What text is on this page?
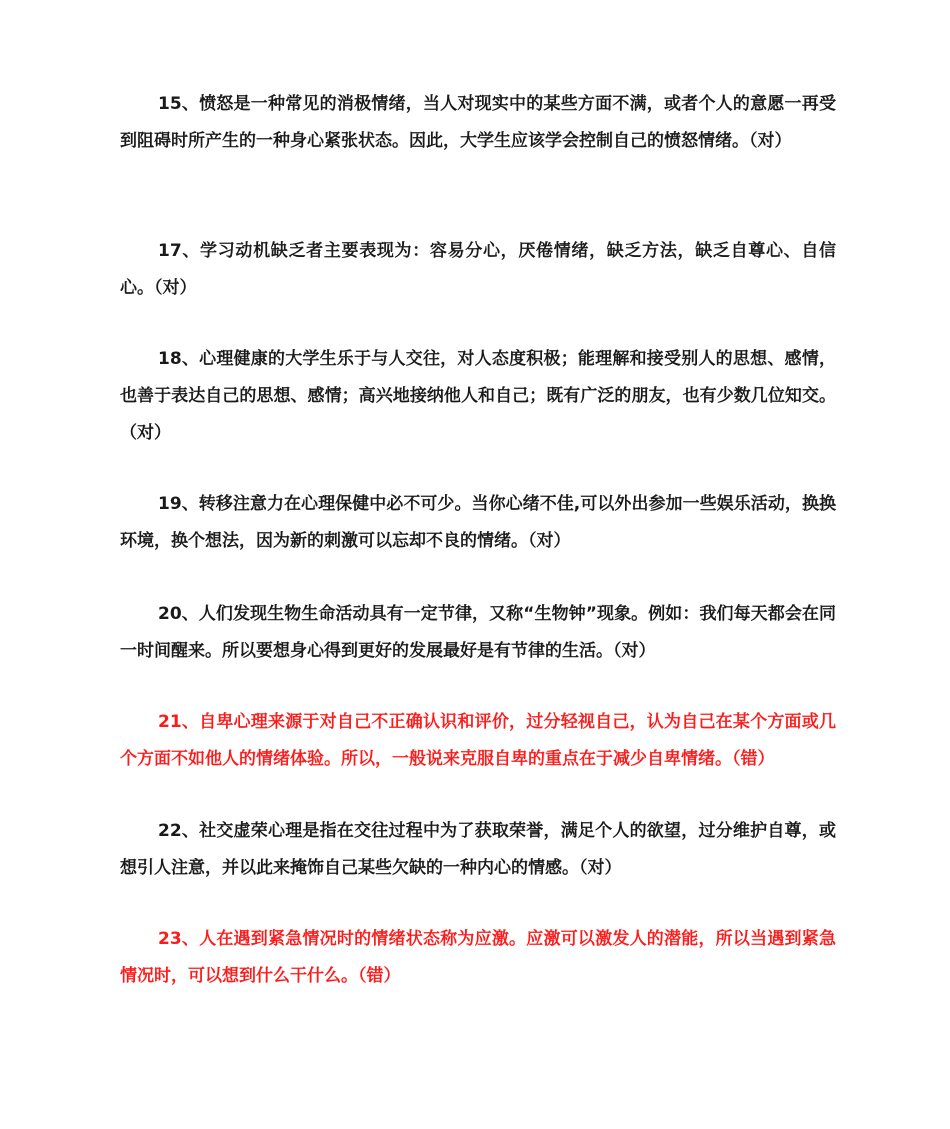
15、愤怒是一种常见的消极情绪，当人对现实中的某些方面不满，或者个人的意愿一再受到阻碍时所产生的一种身心紧张状态。因此，大学生应该学会控制自己的愤怒情绪。（对）

17、学习动机缺乏者主要表现为：容易分心，厌倦情绪，缺乏方法，缺乏自尊心、自信心。（对）

18、心理健康的大学生乐于与人交往，对人态度积极；能理解和接受别人的思想、感情，也善于表达自己的思想、感情；高兴地接纳他人和自己；既有广泛的朋友，也有少数几位知交。（对）

19、转移注意力在心理保健中必不可少。当你心绪不佳,可以外出参加一些娱乐活动，换换环境，换个想法，因为新的刺激可以忘却不良的情绪。（对）

20、人们发现生物生命活动具有一定节律，又称“生物钟”现象。例如：我们每天都会在同一时间醒来。所以要想身心得到更好的发展最好是有节律的生活。（对）

21、自卑心理来源于对自己不正确认识和评价，过分轻视自己，认为自己在某个方面或几个方面不如他人的情绪体验。所以，一般说来克服自卑的重点在于减少自卑情绪。（错）

22、社交虚荣心理是指在交往过程中为了获取荣誉，满足个人的欲望，过分维护自尊，或想引人注意，并以此来掩饰自己某些欠缺的一种内心的情感。（对）

23、人在遇到紧急情况时的情绪状态称为应激。应激可以激发人的潜能，所以当遇到紧急情况时，可以想到什么干什么。（错）
